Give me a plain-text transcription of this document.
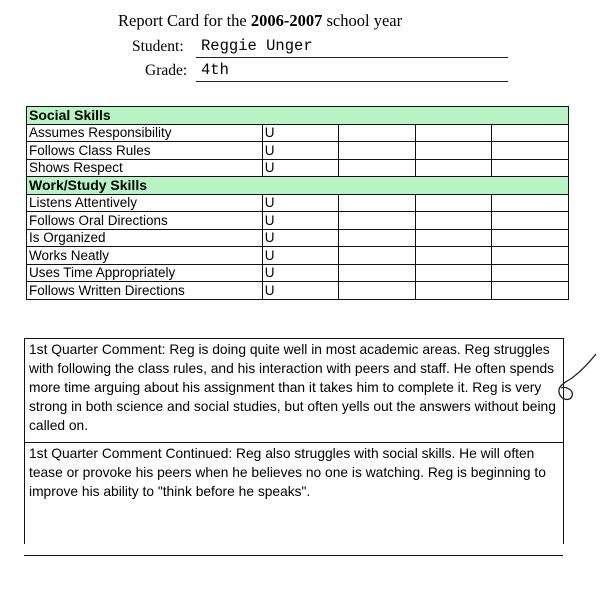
Report Card for the 2006-2007 school year
Student: Reggie Unger
Grade: 4th
Social Skills				
Assumes Responsibility	U			
Follows Class Rules	U			
Shows Respect	U			
Work/Study Skills				
Listens Attentively	U			
Follows Oral Directions	U			
Is Organized	U			
Works Neatly	U			
Uses Time Appropriately	U			
Follows Written Directions	U			

1st Quarter Comment: Reg is doing quite well in most academic areas. Reg struggles with following the class rules, and his interaction with peers and staff. He often spends more time arguing about his assignment than it takes him to complete it. Reg is very strong in both science and social studies, but often yells out the answers without being called on.

1st Quarter Comment Continued: Reg also struggles with social skills. He will often tease or provoke his peers when he believes no one is watching. Reg is beginning to improve his ability to "think before he speaks".
